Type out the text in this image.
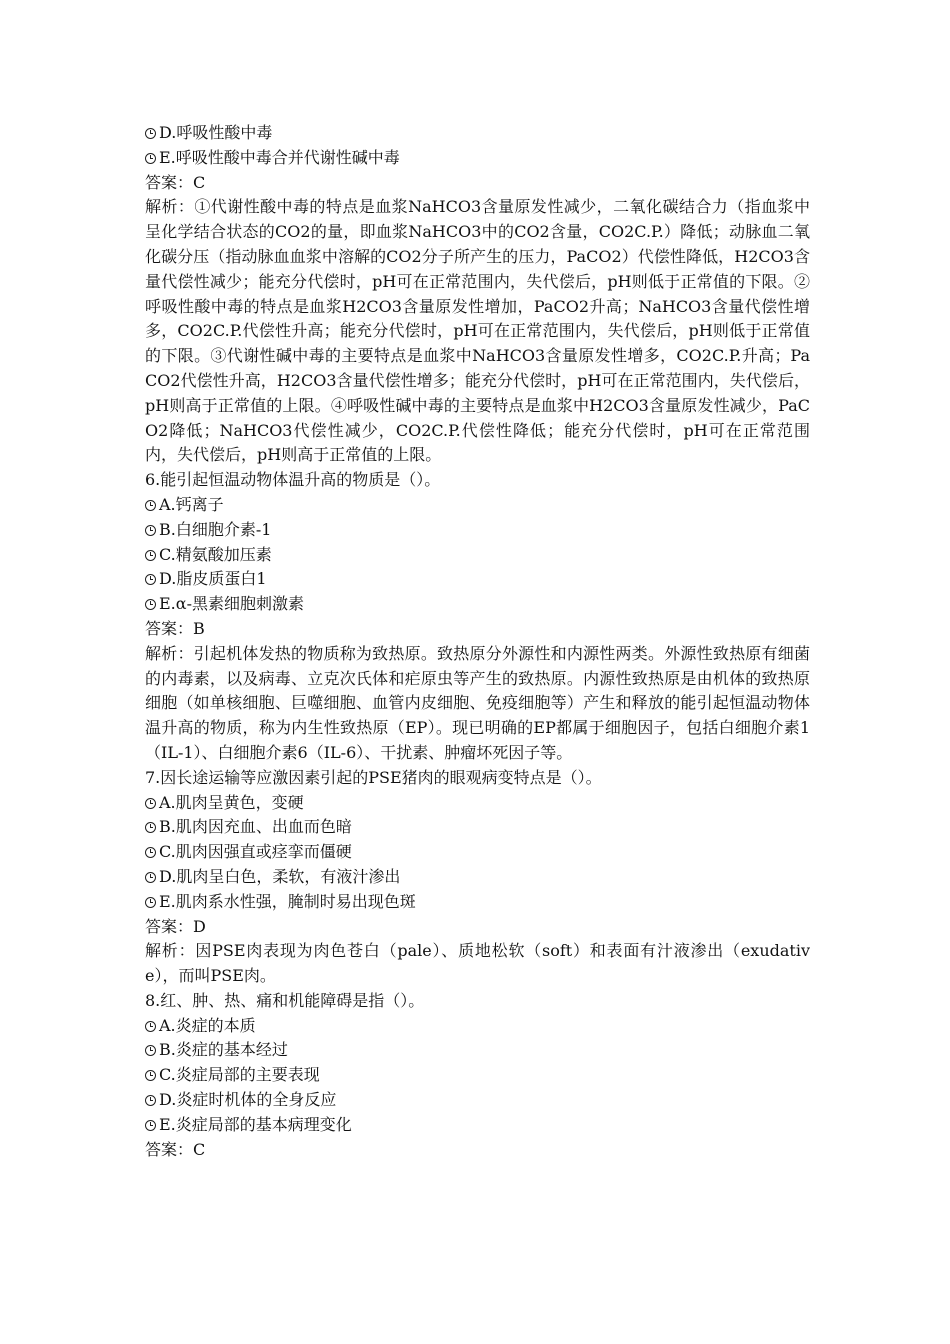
D.呼吸性酸中毒
E.呼吸性酸中毒合并代谢性碱中毒
答案：C
解析：①代谢性酸中毒的特点是血浆NaHCO3含量原发性减少，二氧化碳结合力（指血浆中呈化学结合状态的CO2的量，即血浆NaHCO3中的CO2含量，CO2C.P.）降低；动脉血二氧化碳分压（指动脉血血浆中溶解的CO2分子所产生的压力，PaCO2）代偿性降低，H2CO3含量代偿性减少；能充分代偿时，pH可在正常范围内，失代偿后，pH则低于正常值的下限。②呼吸性酸中毒的特点是血浆H2CO3含量原发性增加，PaCO2升高；NaHCO3含量代偿性增多，CO2C.P.代偿性升高；能充分代偿时，pH可在正常范围内，失代偿后，pH则低于正常值的下限。③代谢性碱中毒的主要特点是血浆中NaHCO3含量原发性增多，CO2C.P.升高；PaCO2代偿性升高，H2CO3含量代偿性增多；能充分代偿时，pH可在正常范围内，失代偿后，pH则高于正常值的上限。④呼吸性碱中毒的主要特点是血浆中H2CO3含量原发性减少，PaCO2降低；NaHCO3代偿性减少，CO2C.P.代偿性降低；能充分代偿时，pH可在正常范围内，失代偿后，pH则高于正常值的上限。
6.能引起恒温动物体温升高的物质是（）。
A.钙离子
B.白细胞介素-1
C.精氨酸加压素
D.脂皮质蛋白1
E.α-黑素细胞刺激素
答案：B
解析：引起机体发热的物质称为致热原。致热原分外源性和内源性两类。外源性致热原有细菌的内毒素，以及病毒、立克次氏体和疟原虫等产生的致热原。内源性致热原是由机体的致热原细胞（如单核细胞、巨噬细胞、血管内皮细胞、免疫细胞等）产生和释放的能引起恒温动物体温升高的物质，称为内生性致热原（EP）。现已明确的EP都属于细胞因子，包括白细胞介素1（IL-1）、白细胞介素6（IL-6）、干扰素、肿瘤坏死因子等。
7.因长途运输等应激因素引起的PSE猪肉的眼观病变特点是（）。
A.肌肉呈黄色，变硬
B.肌肉因充血、出血而色暗
C.肌肉因强直或痉挛而僵硬
D.肌肉呈白色，柔软，有液汁渗出
E.肌肉系水性强，腌制时易出现色斑
答案：D
解析：因PSE肉表现为肉色苍白（pale）、质地松软（soft）和表面有汁液渗出（exudative），而叫PSE肉。
8.红、肿、热、痛和机能障碍是指（）。
A.炎症的本质
B.炎症的基本经过
C.炎症局部的主要表现
D.炎症时机体的全身反应
E.炎症局部的基本病理变化
答案：C
